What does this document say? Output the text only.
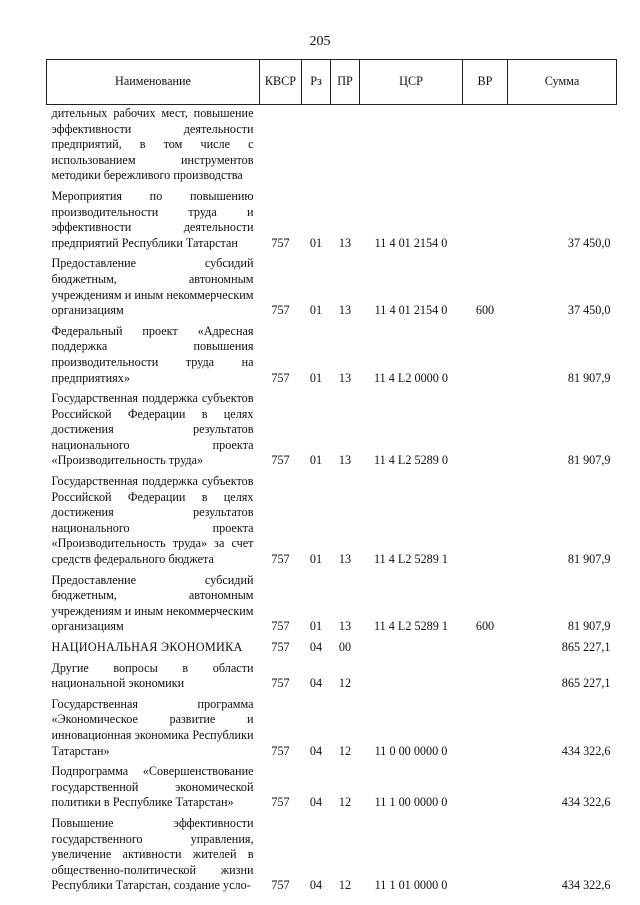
205
Наименование	КВСР	Рз	ПР	ЦСР	ВР	Сумма
дительных рабочих мест, повышение эффективности деятельности предприятий, в том числе с использованием инструментов методики бережливого производства						
Мероприятия по повышению производительности труда и эффективности деятельности предприятий Республики Татарстан	757	01	13	11 4 01 2154 0		37 450,0
Предоставление субсидий бюджетным, автономным учреждениям и иным некоммерческим организациям	757	01	13	11 4 01 2154 0	600	37 450,0
Федеральный проект «Адресная поддержка повышения производительности труда на предприятиях»	757	01	13	11 4 L2 0000 0		81 907,9
Государственная поддержка субъектов Российской Федерации в целях достижения результатов национального проекта «Производительность труда»	757	01	13	11 4 L2 5289 0		81 907,9
Государственная поддержка субъектов Российской Федерации в целях достижения результатов национального проекта «Производительность труда» за счет средств федерального бюджета	757	01	13	11 4 L2 5289 1		81 907,9
Предоставление субсидий бюджетным, автономным учреждениям и иным некоммерческим организациям	757	01	13	11 4 L2 5289 1	600	81 907,9
НАЦИОНАЛЬНАЯ ЭКОНОМИКА	757	04	00			865 227,1
Другие вопросы в области национальной экономики	757	04	12			865 227,1
Государственная программа «Экономическое развитие и инновационная экономика Республики Татарстан»	757	04	12	11 0 00 0000 0		434 322,6
Подпрограмма «Совершенствование государственной экономической политики в Республике Татарстан»	757	04	12	11 1 00 0000 0		434 322,6
Повышение эффективности государственного управления, увеличение активности жителей в общественно-политической жизни Республики Татарстан, создание усло-	757	04	12	11 1 01 0000 0		434 322,6
